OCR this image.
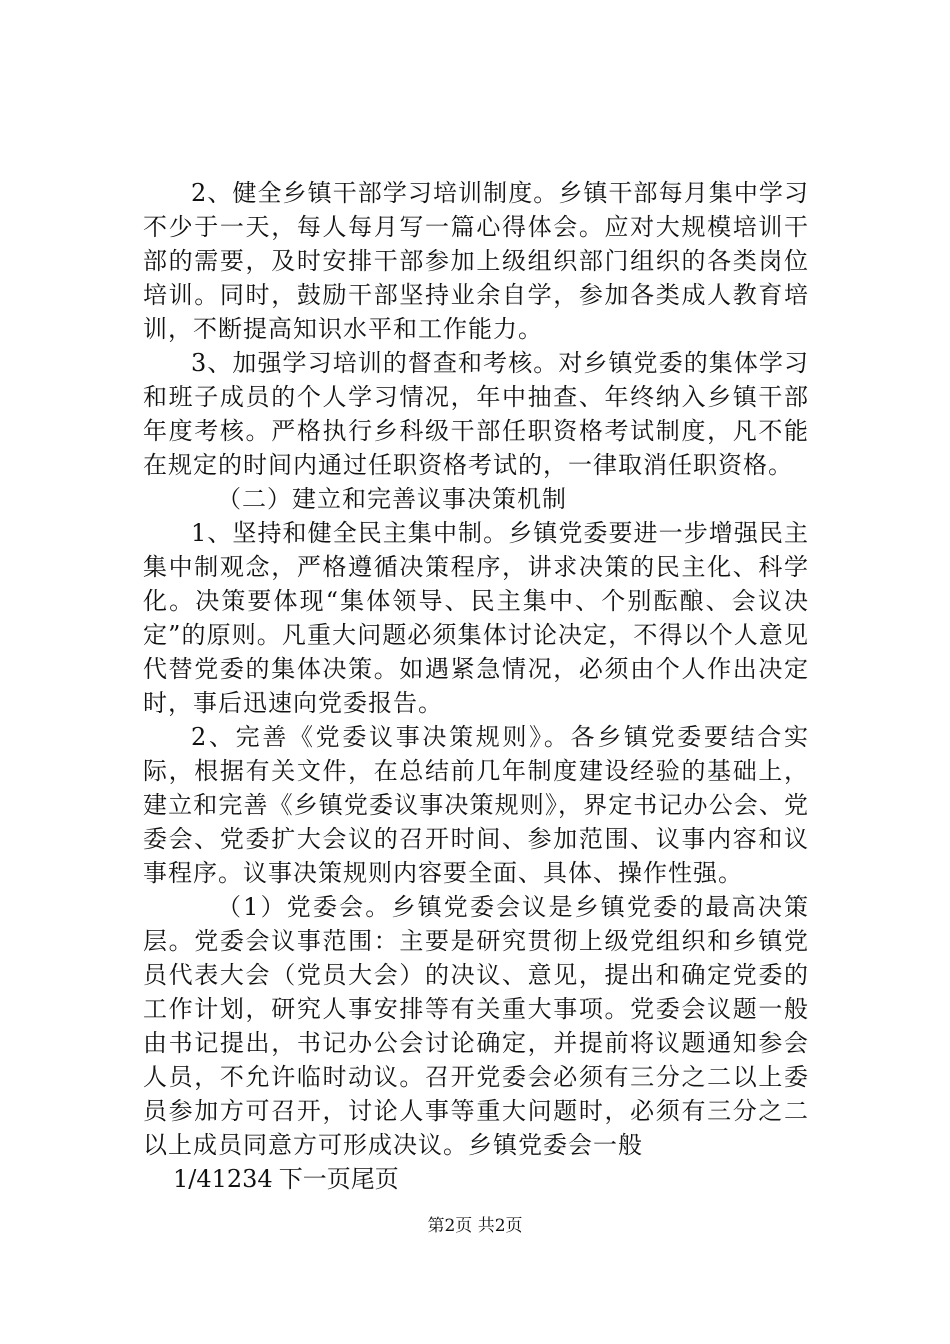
2、健全乡镇干部学习培训制度。乡镇干部每月集中学习不少于一天，每人每月写一篇心得体会。应对大规模培训干部的需要，及时安排干部参加上级组织部门组织的各类岗位培训。同时，鼓励干部坚持业余自学，参加各类成人教育培训，不断提高知识水平和工作能力。

3、加强学习培训的督查和考核。对乡镇党委的集体学习和班子成员的个人学习情况，年中抽查、年终纳入乡镇干部年度考核。严格执行乡科级干部任职资格考试制度，凡不能在规定的时间内通过任职资格考试的，一律取消任职资格。

（二）建立和完善议事决策机制

1、坚持和健全民主集中制。乡镇党委要进一步增强民主集中制观念，严格遵循决策程序，讲求决策的民主化、科学化。决策要体现“集体领导、民主集中、个别酝酿、会议决定”的原则。凡重大问题必须集体讨论决定，不得以个人意见代替党委的集体决策。如遇紧急情况，必须由个人作出决定时，事后迅速向党委报告。

2、完善《党委议事决策规则》。各乡镇党委要结合实际，根据有关文件，在总结前几年制度建设经验的基础上，建立和完善《乡镇党委议事决策规则》，界定书记办公会、党委会、党委扩大会议的召开时间、参加范围、议事内容和议事程序。议事决策规则内容要全面、具体、操作性强。

（1）党委会。乡镇党委会议是乡镇党委的最高决策层。党委会议事范围：主要是研究贯彻上级党组织和乡镇党员代表大会（党员大会）的决议、意见，提出和确定党委的工作计划，研究人事安排等有关重大事项。党委会议题一般由书记提出，书记办公会讨论确定，并提前将议题通知参会人员，不允许临时动议。召开党委会必须有三分之二以上委员参加方可召开，讨论人事等重大问题时，必须有三分之二以上成员同意方可形成决议。乡镇党委会一般

1/41234 下一页尾页
第2页 共2页
